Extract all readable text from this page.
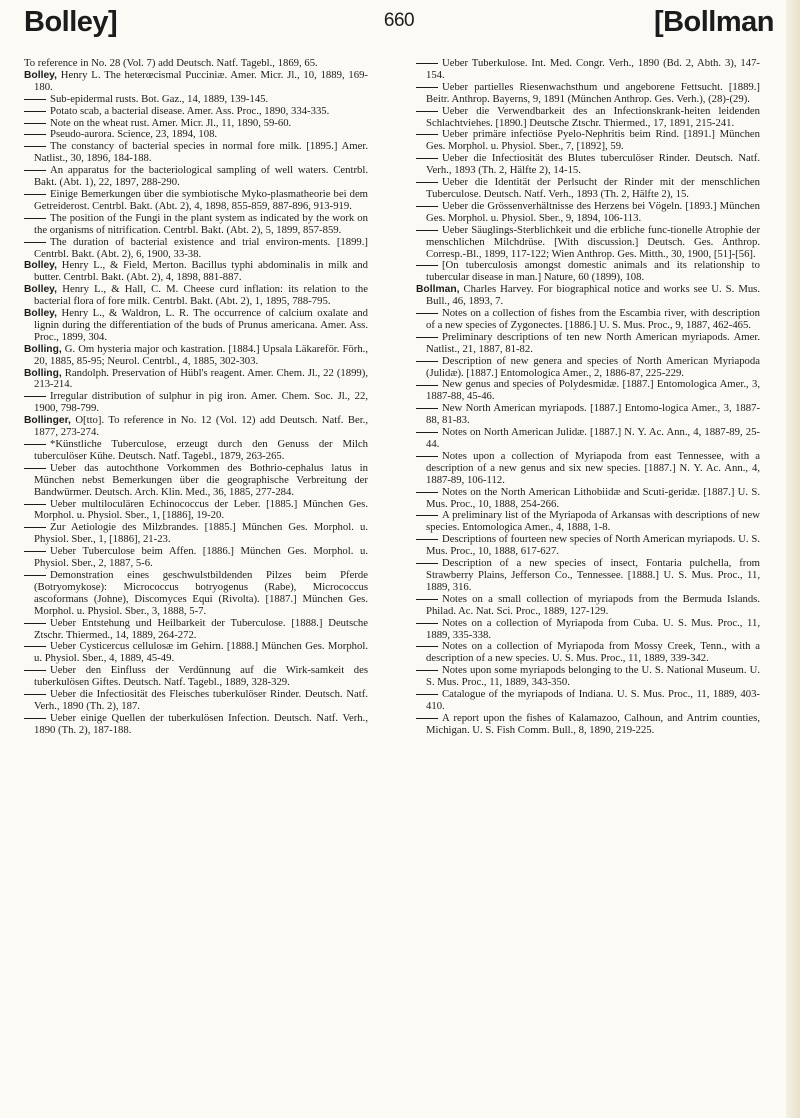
Bolley]	660	[Bollman
To reference in No. 28 (Vol. 7) add Deutsch. Natf. Tagebl., 1869, 65.
Bolley, Henry L. The heterœcismal Pucciniæ. Amer. Micr. Jl., 10, 1889, 169-180.
Sub-epidermal rusts. Bot. Gaz., 14, 1889, 139-145.
Potato scab, a bacterial disease. Amer. Ass. Proc., 1890, 334-335.
Note on the wheat rust. Amer. Micr. Jl., 11, 1890, 59-60.
Pseudo-aurora. Science, 23, 1894, 108.
The constancy of bacterial species in normal fore milk. [1895.] Amer. Natlist., 30, 1896, 184-188.
An apparatus for the bacteriological sampling of well waters. Centrbl. Bakt. (Abt. 1), 22, 1897, 288-290.
Einige Bemerkungen über die symbiotische Myko-plasmatheorie bei dem Getreiderost. Centrbl. Bakt. (Abt. 2), 4, 1898, 855-859, 887-896, 913-919.
The position of the Fungi in the plant system as indicated by the work on the organisms of nitrification. Centrbl. Bakt. (Abt. 2), 5, 1899, 857-859.
The duration of bacterial existence and trial environ-ments. [1899.] Centrbl. Bakt. (Abt. 2), 6, 1900, 33-38.
Bolley, Henry L., & Field, Merton. Bacillus typhi abdominalis in milk and butter. Centrbl. Bakt. (Abt. 2), 4, 1898, 881-887.
Bolley, Henry L., & Hall, C. M. Cheese curd inflation: its relation to the bacterial flora of fore milk. Centrbl. Bakt. (Abt. 2), 1, 1895, 788-795.
Bolley, Henry L., & Waldron, L. R. The occurrence of calcium oxalate and lignin during the differentiation of the buds of Prunus americana. Amer. Ass. Proc., 1899, 304.
Bolling, G. Om hysteria major och kastration. [1884.] Upsala Läkareför. Förh., 20, 1885, 85-95; Neurol. Centrbl., 4, 1885, 302-303.
Bolling, Randolph. Preservation of Hübl's reagent. Amer. Chem. Jl., 22 (1899), 213-214.
Irregular distribution of sulphur in pig iron. Amer. Chem. Soc. Jl., 22, 1900, 798-799.
Bollinger, O[tto]. To reference in No. 12 (Vol. 12) add Deutsch. Natf. Ber., 1877, 273-274.
*Künstliche Tuberculose, erzeugt durch den Genuss der Milch tuberculöser Kühe. Deutsch. Natf. Tagebl., 1879, 263-265.
Ueber das autochthone Vorkommen des Bothrio-cephalus latus in München nebst Bemerkungen über die geographische Verbreitung der Bandwürmer. Deutsch. Arch. Klin. Med., 36, 1885, 277-284.
Ueber multiloculären Echinococcus der Leber. [1885.] München Ges. Morphol. u. Physiol. Sber., 1, [1886], 19-20.
Zur Aetiologie des Milzbrandes. [1885.] München Ges. Morphol. u. Physiol. Sber., 1, [1886], 21-23.
Ueber Tuberculose beim Affen. [1886.] München Ges. Morphol. u. Physiol. Sber., 2, 1887, 5-6.
Demonstration eines geschwulstbildenden Pilzes beim Pferde (Botryomykose): Micrococcus botryogenus (Rabe), Micrococcus ascoformans (Johne), Discomyces Equi (Rivolta). [1887.] München Ges. Morphol. u. Physiol. Sber., 3, 1888, 5-7.
Ueber Entstehung und Heilbarkeit der Tuberculose. [1888.] Deutsche Ztschr. Thiermed., 14, 1889, 264-272.
Ueber Cysticercus cellulosæ im Gehirn. [1888.] München Ges. Morphol. u. Physiol. Sber., 4, 1889, 45-49.
Ueber den Einfluss der Verdünnung auf die Wirk-samkeit des tuberkulösen Giftes. Deutsch. Natf. Tagebl., 1889, 328-329.
Ueber die Infectiosität des Fleisches tuberkulöser Rinder. Deutsch. Natf. Verh., 1890 (Th. 2), 187.
Ueber einige Quellen der tuberkulösen Infection. Deutsch. Natf. Verh., 1890 (Th. 2), 187-188.
Ueber Tuberkulose. Int. Med. Congr. Verh., 1890 (Bd. 2, Abth. 3), 147-154.
Ueber partielles Riesenwachsthum und angeborene Fettsucht. [1889.] Beitr. Anthrop. Bayerns, 9, 1891 (München Anthrop. Ges. Verh.), (28)-(29).
Ueber die Verwendbarkeit des an Infectionskrank-heiten leidenden Schlachtviehes. [1890.] Deutsche Ztschr. Thiermed., 17, 1891, 215-241.
Ueber primäre infectiöse Pyelo-Nephritis beim Rind. [1891.] München Ges. Morphol. u. Physiol. Sber., 7, [1892], 59.
Ueber die Infectiosität des Blutes tuberculöser Rinder. Deutsch. Natf. Verh., 1893 (Th. 2, Hälfte 2), 14-15.
Ueber die Identität der Perlsucht der Rinder mit der menschlichen Tuberculose. Deutsch. Natf. Verh., 1893 (Th. 2, Hälfte 2), 15.
Ueber die Grössenverhältnisse des Herzens bei Vögeln. [1893.] München Ges. Morphol. u. Physiol. Sber., 9, 1894, 106-113.
Ueber Säuglings-Sterblichkeit und die erbliche func-tionelle Atrophie der menschlichen Milchdrüse. [With discussion.] Deutsch. Ges. Anthrop. Corresp.-Bl., 1899, 117-122; Wien Anthrop. Ges. Mitth., 30, 1900, [51]-[56].
[On tuberculosis amongst domestic animals and its relationship to tubercular disease in man.] Nature, 60 (1899), 108.
Bollman, Charles Harvey. For biographical notice and works see U. S. Mus. Bull., 46, 1893, 7.
Notes on a collection of fishes from the Escambia river, with description of a new species of Zygonectes. [1886.] U. S. Mus. Proc., 9, 1887, 462-465.
Preliminary descriptions of ten new North American myriapods. Amer. Natlist., 21, 1887, 81-82.
Description of new genera and species of North American Myriapoda (Julidæ). [1887.] Entomologica Amer., 2, 1886-87, 225-229.
New genus and species of Polydesmidæ. [1887.] Entomologica Amer., 3, 1887-88, 45-46.
New North American myriapods. [1887.] Entomo-logica Amer., 3, 1887-88, 81-83.
Notes on North American Julidæ. [1887.] N. Y. Ac. Ann., 4, 1887-89, 25-44.
Notes upon a collection of Myriapoda from east Tennessee, with a description of a new genus and six new species. [1887.] N. Y. Ac. Ann., 4, 1887-89, 106-112.
Notes on the North American Lithobiidæ and Scuti-geridæ. [1887.] U. S. Mus. Proc., 10, 1888, 254-266.
A preliminary list of the Myriapoda of Arkansas with descriptions of new species. Entomologica Amer., 4, 1888, 1-8.
Descriptions of fourteen new species of North American myriapods. U. S. Mus. Proc., 10, 1888, 617-627.
Description of a new species of insect, Fontaria pulchella, from Strawberry Plains, Jefferson Co., Tennessee. [1888.] U. S. Mus. Proc., 11, 1889, 316.
Notes on a small collection of myriapods from the Bermuda Islands. Philad. Ac. Nat. Sci. Proc., 1889, 127-129.
Notes on a collection of Myriapoda from Cuba. U. S. Mus. Proc., 11, 1889, 335-338.
Notes on a collection of Myriapoda from Mossy Creek, Tenn., with a description of a new species. U. S. Mus. Proc., 11, 1889, 339-342.
Notes upon some myriapods belonging to the U. S. National Museum. U. S. Mus. Proc., 11, 1889, 343-350.
Catalogue of the myriapods of Indiana. U. S. Mus. Proc., 11, 1889, 403-410.
A report upon the fishes of Kalamazoo, Calhoun, and Antrim counties, Michigan. U. S. Fish Comm. Bull., 8, 1890, 219-225.
